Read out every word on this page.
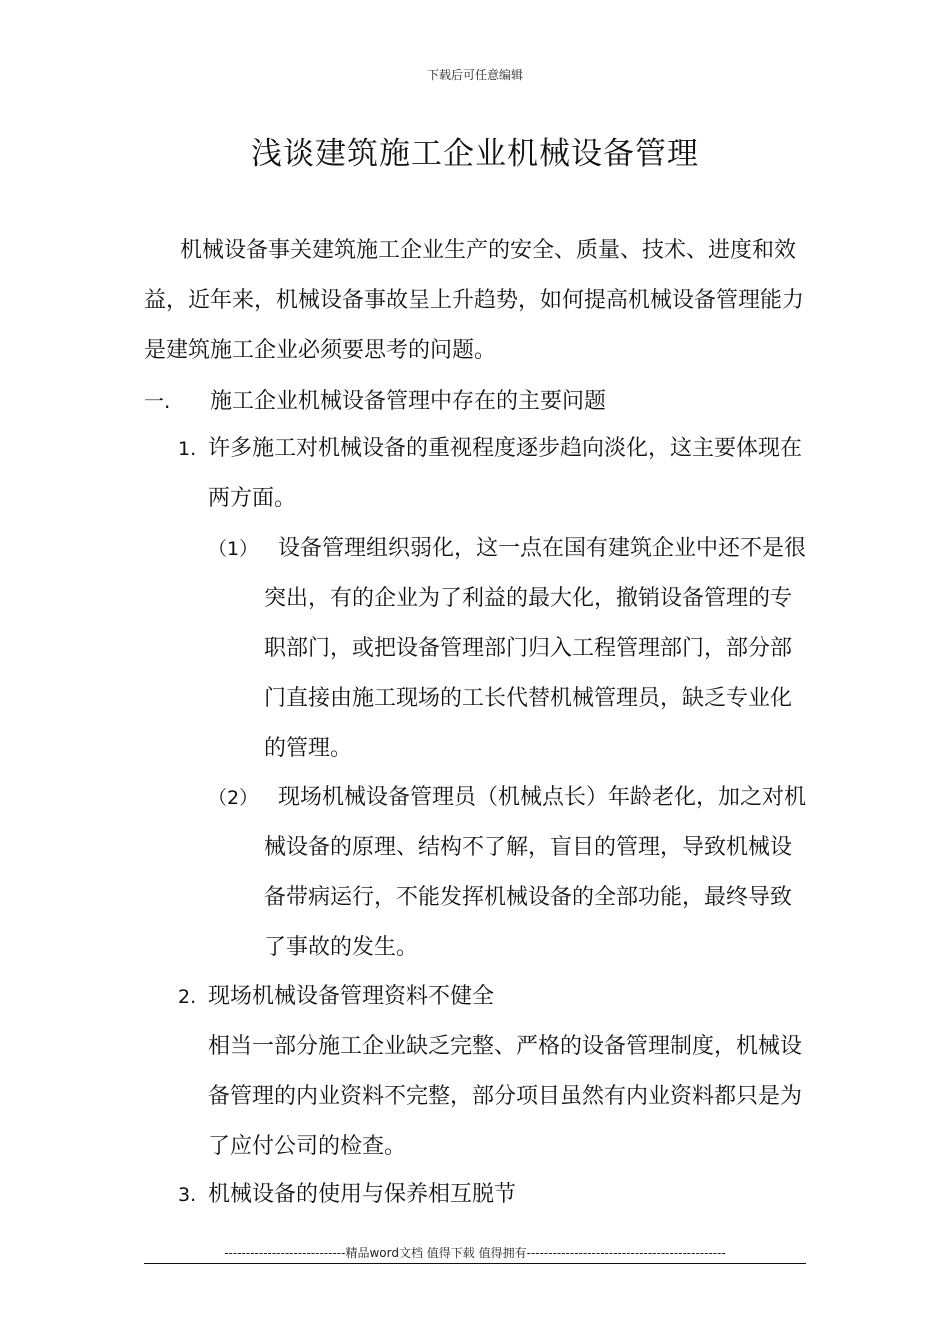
下载后可任意编辑
浅谈建筑施工企业机械设备管理
机械设备事关建筑施工企业生产的安全、质量、技术、进度和效益，近年来，机械设备事故呈上升趋势，如何提高机械设备管理能力是建筑施工企业必须要思考的问题。
一. 施工企业机械设备管理中存在的主要问题
1. 许多施工对机械设备的重视程度逐步趋向淡化，这主要体现在两方面。
（1） 设备管理组织弱化，这一点在国有建筑企业中还不是很突出，有的企业为了利益的最大化，撤销设备管理的专职部门，或把设备管理部门归入工程管理部门，部分部门直接由施工现场的工长代替机械管理员，缺乏专业化的管理。
（2） 现场机械设备管理员（机械点长）年龄老化，加之对机械设备的原理、结构不了解，盲目的管理，导致机械设备带病运行，不能发挥机械设备的全部功能，最终导致了事故的发生。
2. 现场机械设备管理资料不健全
相当一部分施工企业缺乏完整、严格的设备管理制度，机械设备管理的内业资料不完整，部分项目虽然有内业资料都只是为了应付公司的检查。
3. 机械设备的使用与保养相互脱节
----------------------------精品word文档 值得下载 值得拥有----------------------------------------------
